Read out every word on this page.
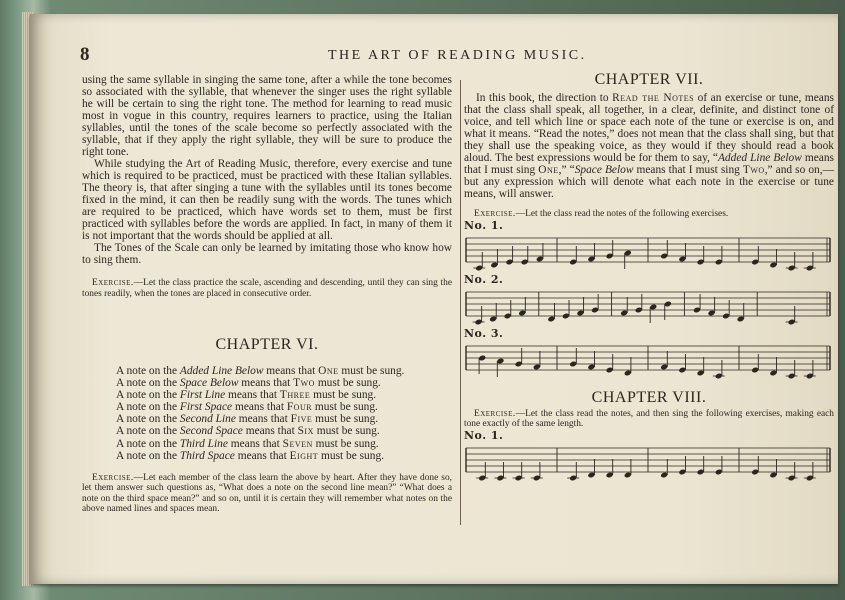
8	THE ART OF READING MUSIC.

using the same syllable in singing the same tone, after a while the tone becomes so associated with the syllable, that whenever the singer uses the right syllable he will be certain to sing the right tone. The method for learning to read music most in vogue in this country, requires learners to practice, using the Italian syllables, until the tones of the scale become so perfectly associated with the syllable, that if they apply the right syllable, they will be sure to produce the right tone.

While studying the Art of Reading Music, therefore, every exercise and tune which is required to be practiced, must be practiced with these Italian syllables. The theory is, that after singing a tune with the syllables until its tones become fixed in the mind, it can then be readily sung with the words. The tunes which are required to be practiced, which have words set to them, must be first practiced with syllables before the words are applied. In fact, in many of them it is not important that the words should be applied at all.

The Tones of the Scale can only be learned by imitating those who know how to sing them.

Exercise.—Let the class practice the scale, ascending and descending, until they can sing the tones readily, when the tones are placed in consecutive order.

CHAPTER VI.

A note on the Added Line Below means that One must be sung.
A note on the Space Below means that Two must be sung.
A note on the First Line means that Three must be sung.
A note on the First Space means that Four must be sung.
A note on the Second Line means that Five must be sung.
A note on the Second Space means that Six must be sung.
A note on the Third Line means that Seven must be sung.
A note on the Third Space means that Eight must be sung.

Exercise.—Let each member of the class learn the above by heart. After they have done so, let them answer such questions as, “What does a note on the second line mean?” “What does a note on the third space mean?” and so on, until it is certain they will remember what notes on the above named lines and spaces mean.

CHAPTER VII.

In this book, the direction to Read the Notes of an exercise or tune, means that the class shall speak, all together, in a clear, definite, and distinct tone of voice, and tell which line or space each note of the tune or exercise is on, and what it means. “Read the notes,” does not mean that the class shall sing, but that they shall use the speaking voice, as they would if they should read a book aloud. The best expressions would be for them to say, “Added Line Below means that I must sing One,” “Space Below means that I must sing Two,” and so on,—but any expression which will denote what each note in the exercise or tune means, will answer.

Exercise.—Let the class read the notes of the following exercises.

No. 1.

No. 2.

No. 3.

CHAPTER VIII.

Exercise.—Let the class read the notes, and then sing the following exercises, making each tone exactly of the same length.

No. 1.
